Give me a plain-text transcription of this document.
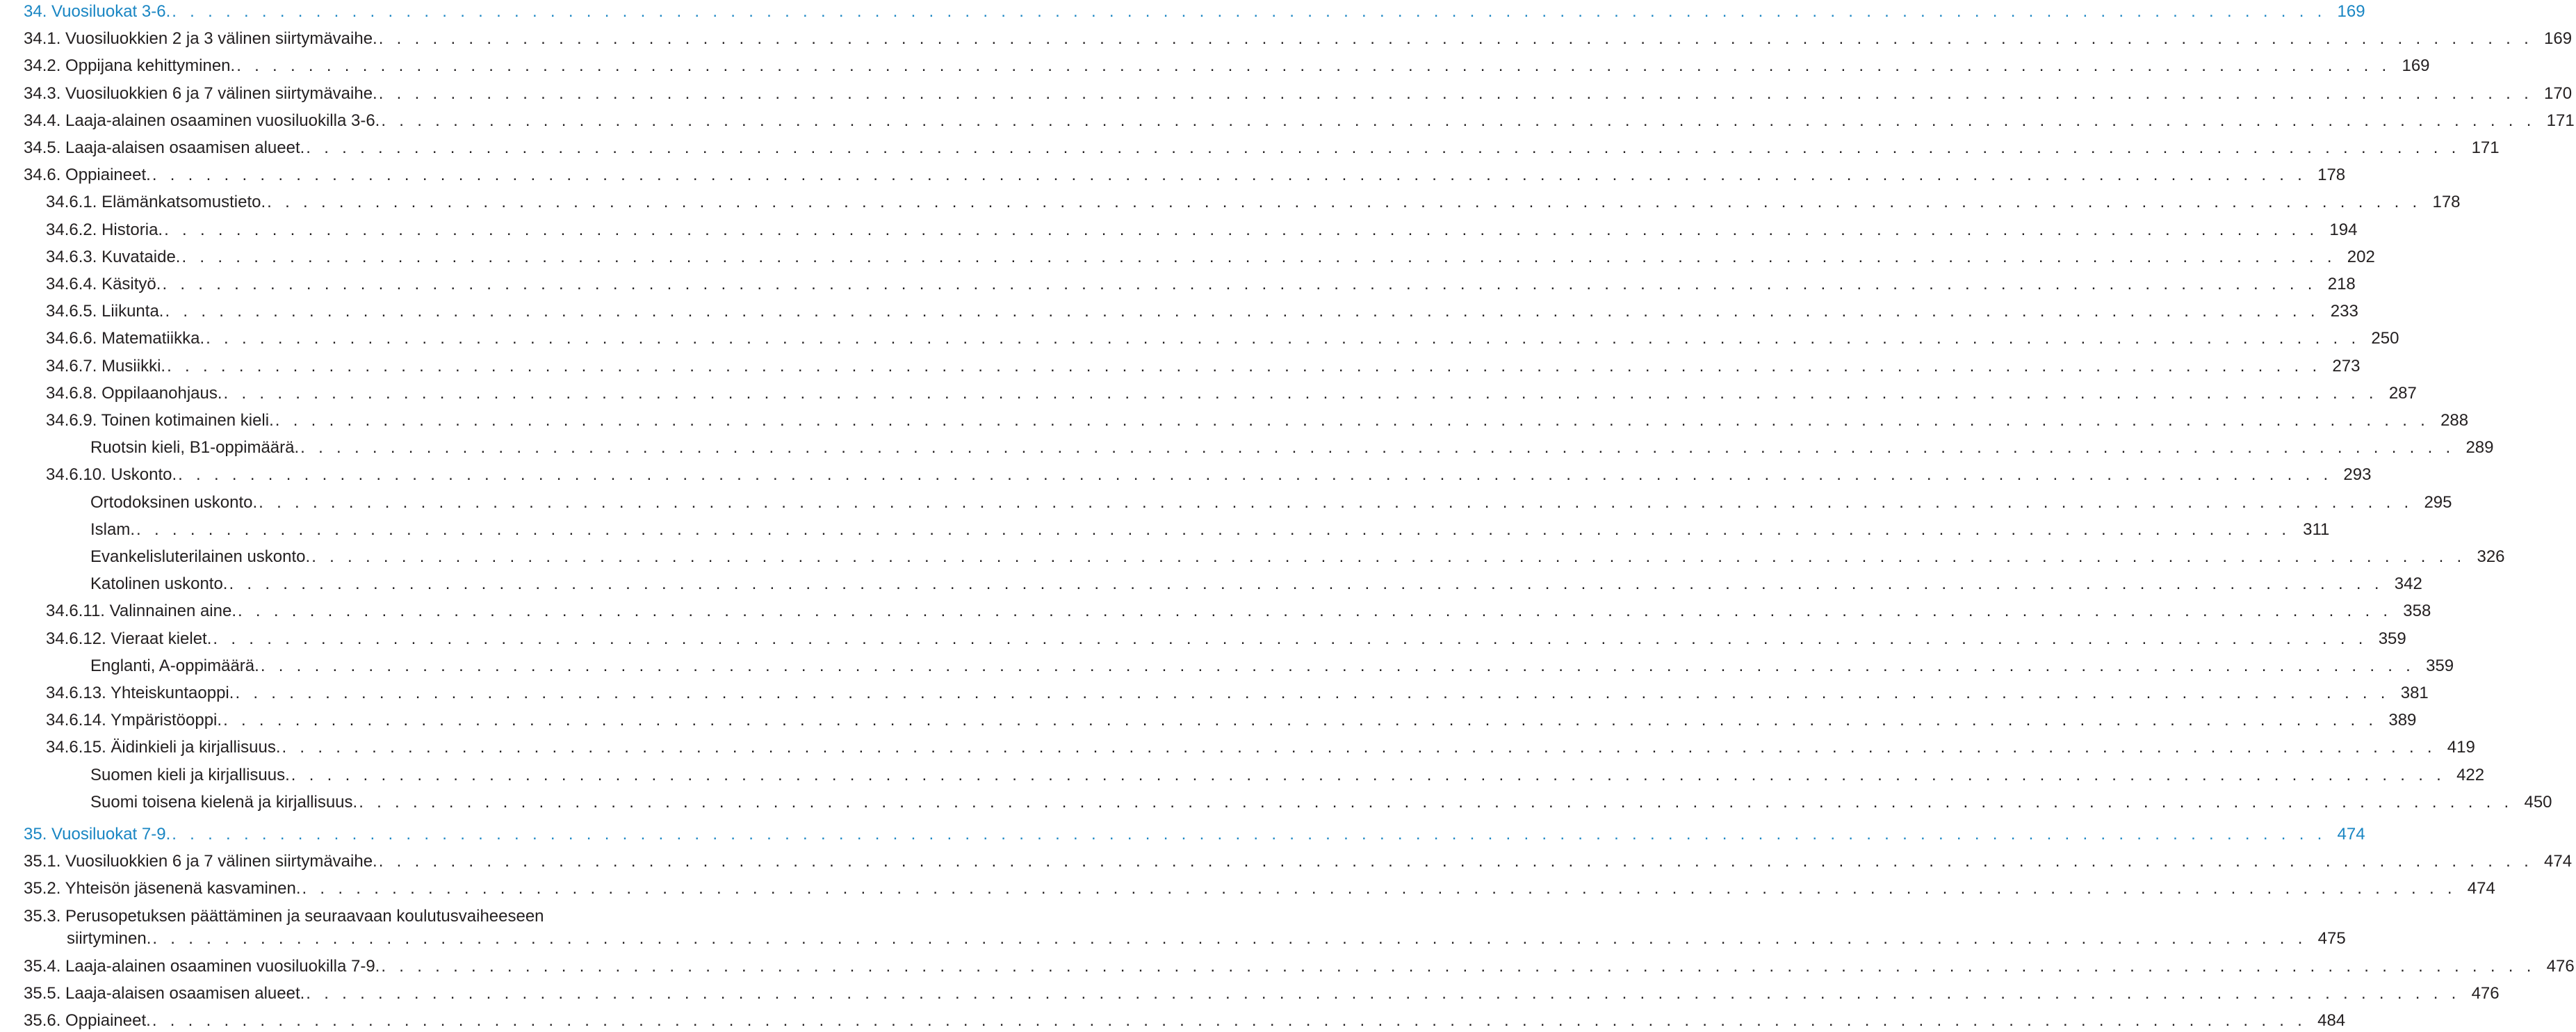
34. Vuosiluokat 3-6. . . . . . . . . . . . . . . . . . . . . . . . . . . . . . . . . . . . . . . . . . . . . . . . . . . . . . . . . . . . . . . . . . . . . . . . . . . . . . . . . . . . . . . . . . . . . . . . . . . . . . . . . . . . . . . . . . . . . . . . . 169
34.1. Vuosiluokkien 2 ja 3 välinen siirtymävaihe. . . . . . . . . . . . . . . . . . . . . . . . . . . . . . . . . . . . . . . . . . . . . . . . . . . . . . . . . . . . . . . . . . . . . . . . . . . . . . . . . . . . . . . . . . . . . . . . . . . . . . . . . . . . . . . . . . . . . . . . . 169
34.2. Oppijana kehittyminen. . . . . . . . . . . . . . . . . . . . . . . . . . . . . . . . . . . . . . . . . . . . . . . . . . . . . . . . . . . . . . . . . . . . . . . . . . . . . . . . . . . . . . . . . . . . . . . . . . . . . . . . . . . . . . . . . . . . . . . . . 169
34.3. Vuosiluokkien 6 ja 7 välinen siirtymävaihe. . . . . . . . . . . . . . . . . . . . . . . . . . . . . . . . . . . . . . . . . . . . . . . . . . . . . . . . . . . . . . . . . . . . . . . . . . . . . . . . . . . . . . . . . . . . . . . . . . . . . . . . . . . . . . . . . . . . . . . . . 170
34.4. Laaja-alainen osaaminen vuosiluokilla 3-6. . . . . . . . . . . . . . . . . . . . . . . . . . . . . . . . . . . . . . . . . . . . . . . . . . . . . . . . . . . . . . . . . . . . . . . . . . . . . . . . . . . . . . . . . . . . . . . . . . . . . . . . . . . . . . . . . . . . . . . . . 171
34.5. Laaja-alaisen osaamisen alueet. . . . . . . . . . . . . . . . . . . . . . . . . . . . . . . . . . . . . . . . . . . . . . . . . . . . . . . . . . . . . . . . . . . . . . . . . . . . . . . . . . . . . . . . . . . . . . . . . . . . . . . . . . . . . . . . . . . . . . . . . 171
34.6. Oppiaineet. . . . . . . . . . . . . . . . . . . . . . . . . . . . . . . . . . . . . . . . . . . . . . . . . . . . . . . . . . . . . . . . . . . . . . . . . . . . . . . . . . . . . . . . . . . . . . . . . . . . . . . . . . . . . . . . . . . . . . . . . 178
34.6.1. Elämänkatsomustieto. . . . . . . . . . . . . . . . . . . . . . . . . . . . . . . . . . . . . . . . . . . . . . . . . . . . . . . . . . . . . . . . . . . . . . . . . . . . . . . . . . . . . . . . . . . . . . . . . . . . . . . . . . . . . . . . . . . . . . . . . 178
34.6.2. Historia. . . . . . . . . . . . . . . . . . . . . . . . . . . . . . . . . . . . . . . . . . . . . . . . . . . . . . . . . . . . . . . . . . . . . . . . . . . . . . . . . . . . . . . . . . . . . . . . . . . . . . . . . . . . . . . . . . . . . . . . . 194
34.6.3. Kuvataide. . . . . . . . . . . . . . . . . . . . . . . . . . . . . . . . . . . . . . . . . . . . . . . . . . . . . . . . . . . . . . . . . . . . . . . . . . . . . . . . . . . . . . . . . . . . . . . . . . . . . . . . . . . . . . . . . . . . . . . . . 202
34.6.4. Käsityö. . . . . . . . . . . . . . . . . . . . . . . . . . . . . . . . . . . . . . . . . . . . . . . . . . . . . . . . . . . . . . . . . . . . . . . . . . . . . . . . . . . . . . . . . . . . . . . . . . . . . . . . . . . . . . . . . . . . . . . . . 218
34.6.5. Liikunta. . . . . . . . . . . . . . . . . . . . . . . . . . . . . . . . . . . . . . . . . . . . . . . . . . . . . . . . . . . . . . . . . . . . . . . . . . . . . . . . . . . . . . . . . . . . . . . . . . . . . . . . . . . . . . . . . . . . . . . . . 233
34.6.6. Matematiikka. . . . . . . . . . . . . . . . . . . . . . . . . . . . . . . . . . . . . . . . . . . . . . . . . . . . . . . . . . . . . . . . . . . . . . . . . . . . . . . . . . . . . . . . . . . . . . . . . . . . . . . . . . . . . . . . . . . . . . . . . 250
34.6.7. Musiikki. . . . . . . . . . . . . . . . . . . . . . . . . . . . . . . . . . . . . . . . . . . . . . . . . . . . . . . . . . . . . . . . . . . . . . . . . . . . . . . . . . . . . . . . . . . . . . . . . . . . . . . . . . . . . . . . . . . . . . . . . 273
34.6.8. Oppilaanohjaus. . . . . . . . . . . . . . . . . . . . . . . . . . . . . . . . . . . . . . . . . . . . . . . . . . . . . . . . . . . . . . . . . . . . . . . . . . . . . . . . . . . . . . . . . . . . . . . . . . . . . . . . . . . . . . . . . . . . . . . . . 287
34.6.9. Toinen kotimainen kieli. . . . . . . . . . . . . . . . . . . . . . . . . . . . . . . . . . . . . . . . . . . . . . . . . . . . . . . . . . . . . . . . . . . . . . . . . . . . . . . . . . . . . . . . . . . . . . . . . . . . . . . . . . . . . . . . . . . . . . . . . 288
Ruotsin kieli, B1-oppimäärä. . . . . . . . . . . . . . . . . . . . . . . . . . . . . . . . . . . . . . . . . . . . . . . . . . . . . . . . . . . . . . . . . . . . . . . . . . . . . . . . . . . . . . . . . . . . . . . . . . . . . . . . . . . . . . . . . . . . . . . . . 289
34.6.10. Uskonto. . . . . . . . . . . . . . . . . . . . . . . . . . . . . . . . . . . . . . . . . . . . . . . . . . . . . . . . . . . . . . . . . . . . . . . . . . . . . . . . . . . . . . . . . . . . . . . . . . . . . . . . . . . . . . . . . . . . . . . . . 293
Ortodoksinen uskonto. . . . . . . . . . . . . . . . . . . . . . . . . . . . . . . . . . . . . . . . . . . . . . . . . . . . . . . . . . . . . . . . . . . . . . . . . . . . . . . . . . . . . . . . . . . . . . . . . . . . . . . . . . . . . . . . . . . . . . . . . 295
Islam. . . . . . . . . . . . . . . . . . . . . . . . . . . . . . . . . . . . . . . . . . . . . . . . . . . . . . . . . . . . . . . . . . . . . . . . . . . . . . . . . . . . . . . . . . . . . . . . . . . . . . . . . . . . . . . . . . . . . . . . . 311
Evankelisluterilainen uskonto. . . . . . . . . . . . . . . . . . . . . . . . . . . . . . . . . . . . . . . . . . . . . . . . . . . . . . . . . . . . . . . . . . . . . . . . . . . . . . . . . . . . . . . . . . . . . . . . . . . . . . . . . . . . . . . . . . . . . . . . . 326
Katolinen uskonto. . . . . . . . . . . . . . . . . . . . . . . . . . . . . . . . . . . . . . . . . . . . . . . . . . . . . . . . . . . . . . . . . . . . . . . . . . . . . . . . . . . . . . . . . . . . . . . . . . . . . . . . . . . . . . . . . . . . . . . . . 342
34.6.11. Valinnainen aine. . . . . . . . . . . . . . . . . . . . . . . . . . . . . . . . . . . . . . . . . . . . . . . . . . . . . . . . . . . . . . . . . . . . . . . . . . . . . . . . . . . . . . . . . . . . . . . . . . . . . . . . . . . . . . . . . . . . . . . . . 358
34.6.12. Vieraat kielet. . . . . . . . . . . . . . . . . . . . . . . . . . . . . . . . . . . . . . . . . . . . . . . . . . . . . . . . . . . . . . . . . . . . . . . . . . . . . . . . . . . . . . . . . . . . . . . . . . . . . . . . . . . . . . . . . . . . . . . . . 359
Englanti, A-oppimäärä. . . . . . . . . . . . . . . . . . . . . . . . . . . . . . . . . . . . . . . . . . . . . . . . . . . . . . . . . . . . . . . . . . . . . . . . . . . . . . . . . . . . . . . . . . . . . . . . . . . . . . . . . . . . . . . . . . . . . . . . . 359
34.6.13. Yhteiskuntaoppi. . . . . . . . . . . . . . . . . . . . . . . . . . . . . . . . . . . . . . . . . . . . . . . . . . . . . . . . . . . . . . . . . . . . . . . . . . . . . . . . . . . . . . . . . . . . . . . . . . . . . . . . . . . . . . . . . . . . . . . . . 381
34.6.14. Ympäristöoppi. . . . . . . . . . . . . . . . . . . . . . . . . . . . . . . . . . . . . . . . . . . . . . . . . . . . . . . . . . . . . . . . . . . . . . . . . . . . . . . . . . . . . . . . . . . . . . . . . . . . . . . . . . . . . . . . . . . . . . . . . 389
34.6.15. Äidinkieli ja kirjallisuus. . . . . . . . . . . . . . . . . . . . . . . . . . . . . . . . . . . . . . . . . . . . . . . . . . . . . . . . . . . . . . . . . . . . . . . . . . . . . . . . . . . . . . . . . . . . . . . . . . . . . . . . . . . . . . . . . . . . . . . . . 419
Suomen kieli ja kirjallisuus. . . . . . . . . . . . . . . . . . . . . . . . . . . . . . . . . . . . . . . . . . . . . . . . . . . . . . . . . . . . . . . . . . . . . . . . . . . . . . . . . . . . . . . . . . . . . . . . . . . . . . . . . . . . . . . . . . . . . . . . . 422
Suomi toisena kielenä ja kirjallisuus. . . . . . . . . . . . . . . . . . . . . . . . . . . . . . . . . . . . . . . . . . . . . . . . . . . . . . . . . . . . . . . . . . . . . . . . . . . . . . . . . . . . . . . . . . . . . . . . . . . . . . . . . . . . . . . . . . . . . . . . . 450
35. Vuosiluokat 7-9. . . . . . . . . . . . . . . . . . . . . . . . . . . . . . . . . . . . . . . . . . . . . . . . . . . . . . . . . . . . . . . . . . . . . . . . . . . . . . . . . . . . . . . . . . . . . . . . . . . . . . . . . . . . . . . . . . . . . . . . . 474
35.1. Vuosiluokkien 6 ja 7 välinen siirtymävaihe. . . . . . . . . . . . . . . . . . . . . . . . . . . . . . . . . . . . . . . . . . . . . . . . . . . . . . . . . . . . . . . . . . . . . . . . . . . . . . . . . . . . . . . . . . . . . . . . . . . . . . . . . . . . . . . . . . . . . . . . . 474
35.2. Yhteisön jäsenenä kasvaminen. . . . . . . . . . . . . . . . . . . . . . . . . . . . . . . . . . . . . . . . . . . . . . . . . . . . . . . . . . . . . . . . . . . . . . . . . . . . . . . . . . . . . . . . . . . . . . . . . . . . . . . . . . . . . . . . . . . . . . . . . 474
35.3. Perusopetuksen päättäminen ja seuraavaan koulutusvaiheeseen
siirtyminen. . . . . . . . . . . . . . . . . . . . . . . . . . . . . . . . . . . . . . . . . . . . . . . . . . . . . . . . . . . . . . . . . . . . . . . . . . . . . . . . . . . . . . . . . . . . . . . . . . . . . . . . . . . . . . . . . . . . . . . . . 475
35.4. Laaja-alainen osaaminen vuosiluokilla 7-9. . . . . . . . . . . . . . . . . . . . . . . . . . . . . . . . . . . . . . . . . . . . . . . . . . . . . . . . . . . . . . . . . . . . . . . . . . . . . . . . . . . . . . . . . . . . . . . . . . . . . . . . . . . . . . . . . . . . . . . . . 476
35.5. Laaja-alaisen osaamisen alueet. . . . . . . . . . . . . . . . . . . . . . . . . . . . . . . . . . . . . . . . . . . . . . . . . . . . . . . . . . . . . . . . . . . . . . . . . . . . . . . . . . . . . . . . . . . . . . . . . . . . . . . . . . . . . . . . . . . . . . . . . 476
35.6. Oppiaineet. . . . . . . . . . . . . . . . . . . . . . . . . . . . . . . . . . . . . . . . . . . . . . . . . . . . . . . . . . . . . . . . . . . . . . . . . . . . . . . . . . . . . . . . . . . . . . . . . . . . . . . . . . . . . . . . . . . . . . . . . 484
